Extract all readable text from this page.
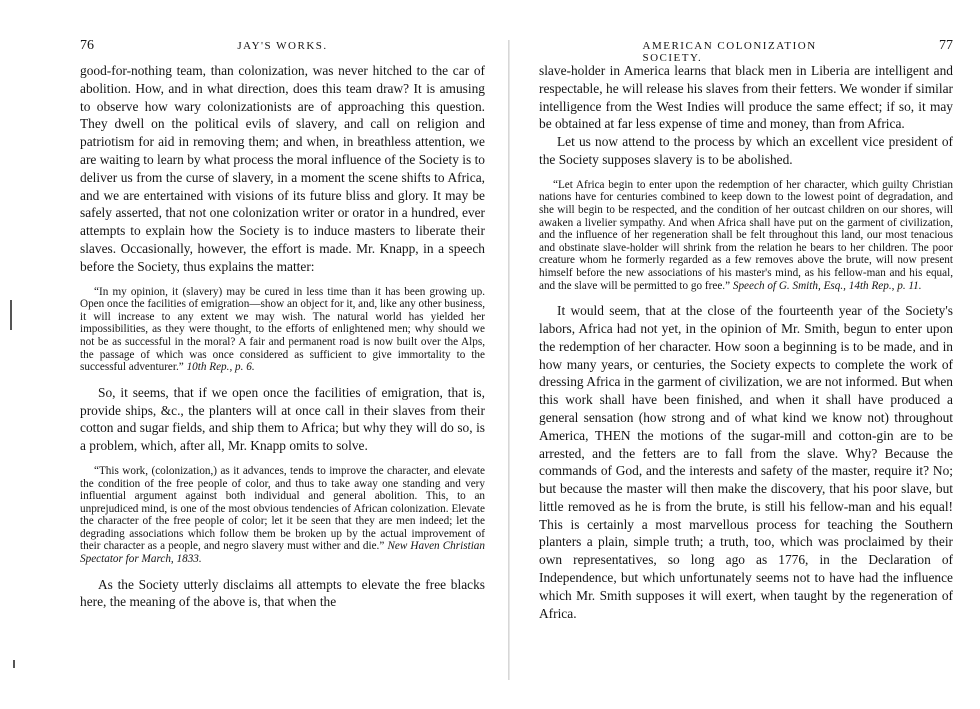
76	JAY'S WORKS.

good-for-nothing team, than colonization, was never hitched to the car of abolition. How, and in what direction, does this team draw? It is amusing to observe how wary colonizationists are of approaching this question. They dwell on the political evils of slavery, and call on religion and patriotism for aid in removing them; and when, in breathless attention, we are waiting to learn by what process the moral influence of the Society is to deliver us from the curse of slavery, in a moment the scene shifts to Africa, and we are entertained with visions of its future bliss and glory. It may be safely asserted, that not one colonization writer or orator in a hundred, ever attempts to explain how the Society is to induce masters to liberate their slaves. Occasionally, however, the effort is made. Mr. Knapp, in a speech before the Society, thus explains the matter:

“In my opinion, it (slavery) may be cured in less time than it has been growing up. Open once the facilities of emigration—show an object for it, and, like any other business, it will increase to any extent we may wish. The natural world has yielded her impossibilities, as they were thought, to the efforts of enlightened men; why should we not be as successful in the moral? A fair and permanent road is now built over the Alps, the passage of which was once considered as sufficient to give immortality to the successful adventurer.” 10th Rep., p. 6.

So, it seems, that if we open once the facilities of emigration, that is, provide ships, &c., the planters will at once call in their slaves from their cotton and sugar fields, and ship them to Africa; but why they will do so, is a problem, which, after all, Mr. Knapp omits to solve.

“This work, (colonization,) as it advances, tends to improve the character, and elevate the condition of the free people of color, and thus to take away one standing and very influential argument against both individual and general abolition. This, to an unprejudiced mind, is one of the most obvious tendencies of African colonization. Elevate the character of the free people of color; let it be seen that they are men indeed; let the degrading associations which follow them be broken up by the actual improvement of their character as a people, and negro slavery must wither and die.” New Haven Christian Spectator for March, 1833.

As the Society utterly disclaims all attempts to elevate the free blacks here, the meaning of the above is, that when the

AMERICAN COLONIZATION SOCIETY.
77

slave-holder in America learns that black men in Liberia are intelligent and respectable, he will release his slaves from their fetters. We wonder if similar intelligence from the West Indies will produce the same effect; if so, it may be obtained at far less expense of time and money, than from Africa.

Let us now attend to the process by which an excellent vice president of the Society supposes slavery is to be abolished.

“Let Africa begin to enter upon the redemption of her character, which guilty Christian nations have for centuries combined to keep down to the lowest point of degradation, and she will begin to be respected, and the condition of her outcast children on our shores, will awaken a livelier sympathy. And when Africa shall have put on the garment of civilization, and the influence of her regeneration shall be felt throughout this land, our most tenacious and obstinate slave-holder will shrink from the relation he bears to her children. The poor creature whom he formerly regarded as a few removes above the brute, will now present himself before the new associations of his master's mind, as his fellow-man and his equal, and the slave will be permitted to go free.” Speech of G. Smith, Esq., 14th Rep., p. 11.

It would seem, that at the close of the fourteenth year of the Society's labors, Africa had not yet, in the opinion of Mr. Smith, begun to enter upon the redemption of her character. How soon a beginning is to be made, and in how many years, or centuries, the Society expects to complete the work of dressing Africa in the garment of civilization, we are not informed. But when this work shall have been finished, and when it shall have produced a general sensation (how strong and of what kind we know not) throughout America, THEN the motions of the sugar-mill and cotton-gin are to be arrested, and the fetters are to fall from the slave. Why? Because the commands of God, and the interests and safety of the master, require it? No; but because the master will then make the discovery, that his poor slave, but little removed as he is from the brute, is still his fellow-man and his equal! This is certainly a most marvellous process for teaching the Southern planters a plain, simple truth; a truth, too, which was proclaimed by their own representatives, so long ago as 1776, in the Declaration of Independence, but which unfortunately seems not to have had the influence which Mr. Smith supposes it will exert, when taught by the regeneration of Africa.
